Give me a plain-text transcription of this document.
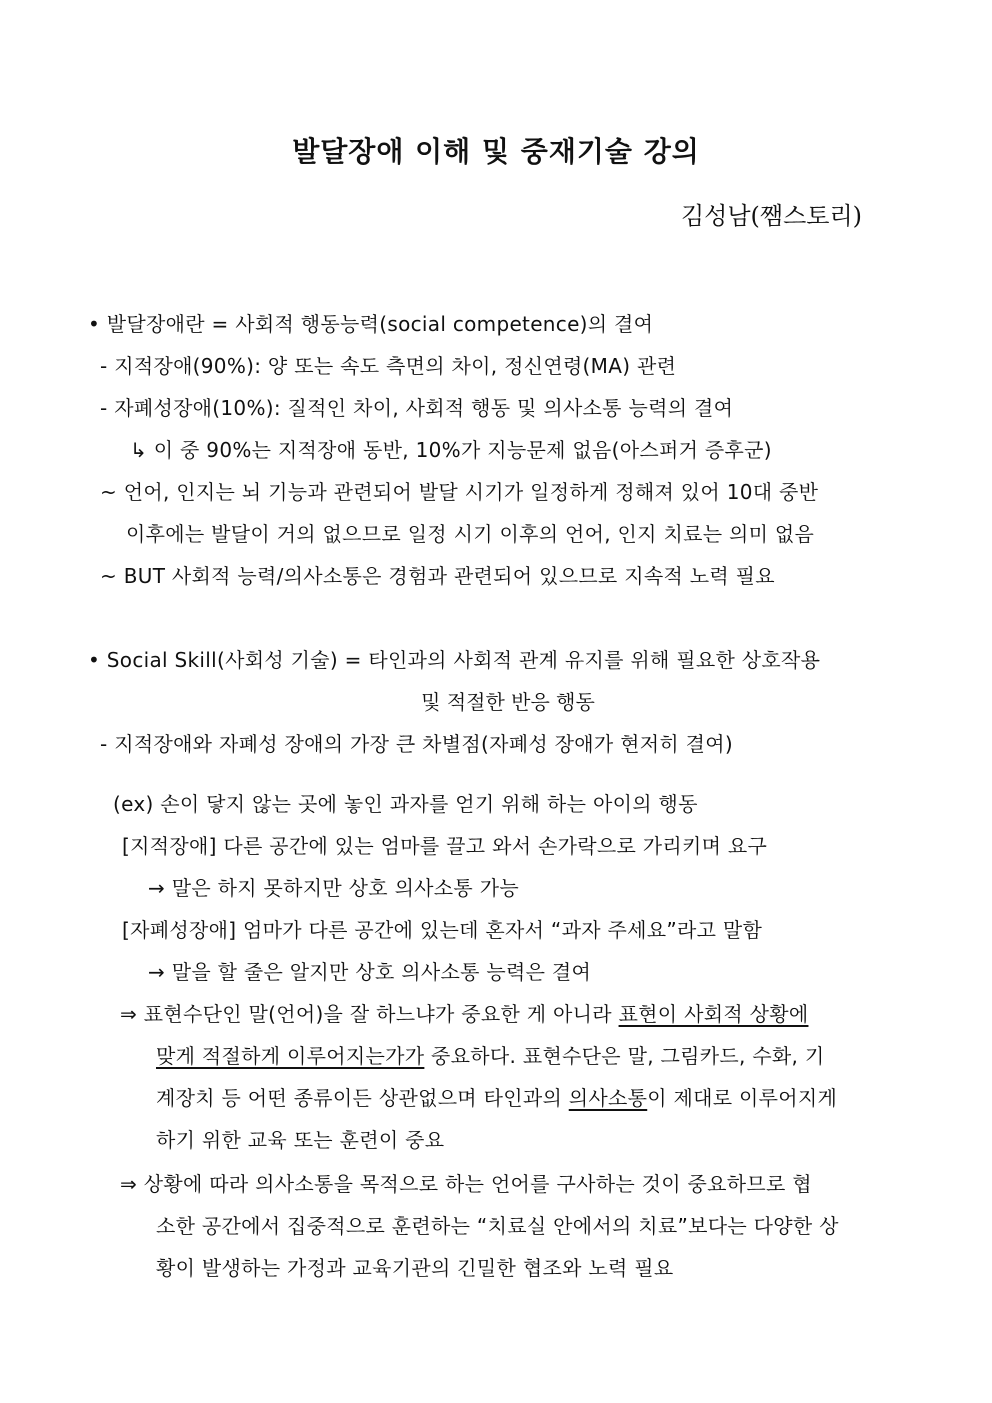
발달장애 이해 및 중재기술 강의
김성남(쨈스토리)
• 발달장애란 = 사회적 행동능력(social competence)의 결여
- 지적장애(90%): 양 또는 속도 측면의 차이, 정신연령(MA) 관련
- 자폐성장애(10%): 질적인 차이, 사회적 행동 및 의사소통 능력의 결여
↳ 이 중 90%는 지적장애 동반, 10%가 지능문제 없음(아스퍼거 증후군)
~ 언어, 인지는 뇌 기능과 관련되어 발달 시기가 일정하게 정해져 있어 10대 중반
이후에는 발달이 거의 없으므로 일정 시기 이후의 언어, 인지 치료는 의미 없음
~ BUT 사회적 능력/의사소통은 경험과 관련되어 있으므로 지속적 노력 필요
• Social Skill(사회성 기술) = 타인과의 사회적 관계 유지를 위해 필요한 상호작용
및 적절한 반응 행동
- 지적장애와 자폐성 장애의 가장 큰 차별점(자폐성 장애가 현저히 결여)
(ex) 손이 닿지 않는 곳에 놓인 과자를 얻기 위해 하는 아이의 행동
[지적장애] 다른 공간에 있는 엄마를 끌고 와서 손가락으로 가리키며 요구
→ 말은 하지 못하지만 상호 의사소통 가능
[자폐성장애] 엄마가 다른 공간에 있는데 혼자서 “과자 주세요”라고 말함
→ 말을 할 줄은 알지만 상호 의사소통 능력은 결여
⇒ 표현수단인 말(언어)을 잘 하느냐가 중요한 게 아니라 표현이 사회적 상황에
맞게 적절하게 이루어지는가가 중요하다. 표현수단은 말, 그림카드, 수화, 기
계장치 등 어떤 종류이든 상관없으며 타인과의 의사소통이 제대로 이루어지게
하기 위한 교육 또는 훈련이 중요
⇒ 상황에 따라 의사소통을 목적으로 하는 언어를 구사하는 것이 중요하므로 협
소한 공간에서 집중적으로 훈련하는 “치료실 안에서의 치료”보다는 다양한 상
황이 발생하는 가정과 교육기관의 긴밀한 협조와 노력 필요
